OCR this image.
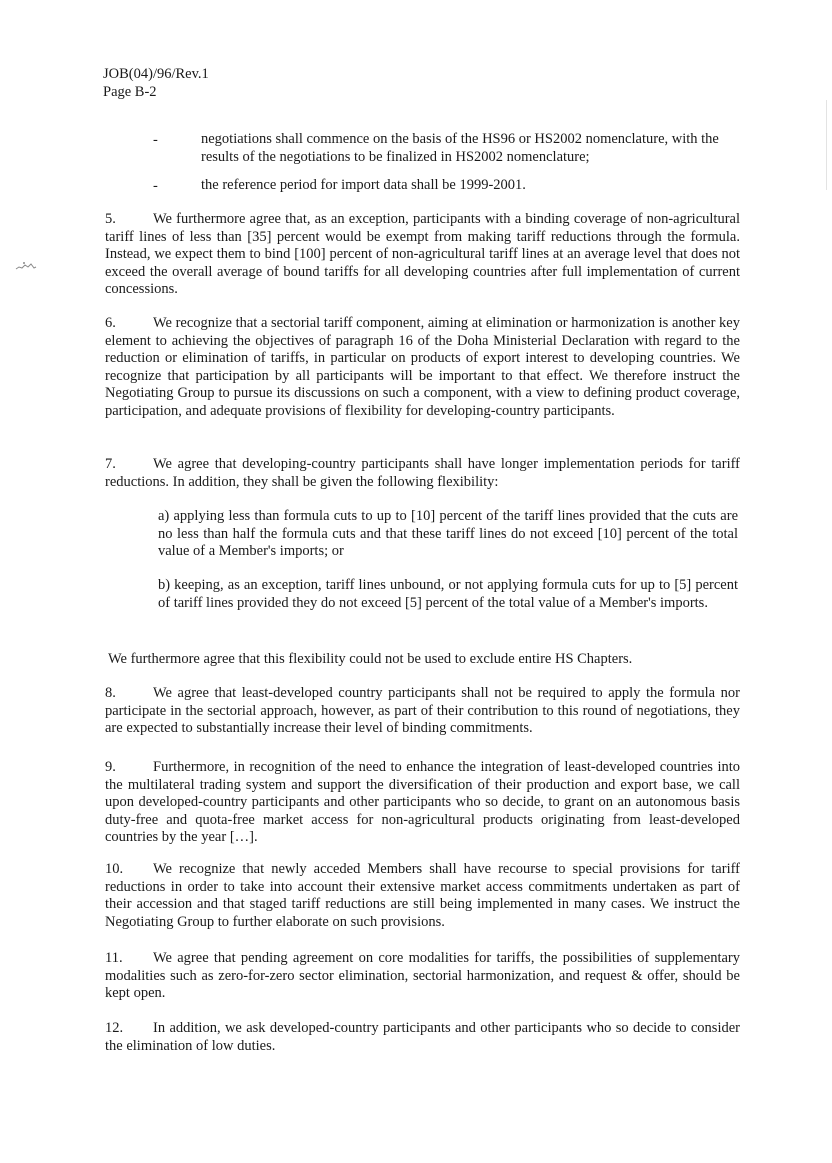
JOB(04)/96/Rev.1
Page B-2
-	negotiations shall commence on the basis of the HS96 or HS2002 nomenclature, with the results of the negotiations to be finalized in HS2002 nomenclature;
-	the reference period for import data shall be 1999-2001.
5.	We furthermore agree that, as an exception, participants with a binding coverage of non-agricultural tariff lines of less than [35] percent would be exempt from making tariff reductions through the formula. Instead, we expect them to bind [100] percent of non-agricultural tariff lines at an average level that does not exceed the overall average of bound tariffs for all developing countries after full implementation of current concessions.
6.	We recognize that a sectorial tariff component, aiming at elimination or harmonization is another key element to achieving the objectives of paragraph 16 of the Doha Ministerial Declaration with regard to the reduction or elimination of tariffs, in particular on products of export interest to developing countries. We recognize that participation by all participants will be important to that effect. We therefore instruct the Negotiating Group to pursue its discussions on such a component, with a view to defining product coverage, participation, and adequate provisions of flexibility for developing-country participants.
7.	We agree that developing-country participants shall have longer implementation periods for tariff reductions. In addition, they shall be given the following flexibility:
a) applying less than formula cuts to up to [10] percent of the tariff lines provided that the cuts are no less than half the formula cuts and that these tariff lines do not exceed [10] percent of the total value of a Member's imports; or
b) keeping, as an exception, tariff lines unbound, or not applying formula cuts for up to [5] percent of tariff lines provided they do not exceed [5] percent of the total value of a Member's imports.
We furthermore agree that this flexibility could not be used to exclude entire HS Chapters.
8.	We agree that least-developed country participants shall not be required to apply the formula nor participate in the sectorial approach, however, as part of their contribution to this round of negotiations, they are expected to substantially increase their level of binding commitments.
9.	Furthermore, in recognition of the need to enhance the integration of least-developed countries into the multilateral trading system and support the diversification of their production and export base, we call upon developed-country participants and other participants who so decide, to grant on an autonomous basis duty-free and quota-free market access for non-agricultural products originating from least-developed countries by the year […].
10. We recognize that newly acceded Members shall have recourse to special provisions for tariff reductions in order to take into account their extensive market access commitments undertaken as part of their accession and that staged tariff reductions are still being implemented in many cases. We instruct the Negotiating Group to further elaborate on such provisions.
11. We agree that pending agreement on core modalities for tariffs, the possibilities of supplementary modalities such as zero-for-zero sector elimination, sectorial harmonization, and request & offer, should be kept open.
12. In addition, we ask developed-country participants and other participants who so decide to consider the elimination of low duties.
